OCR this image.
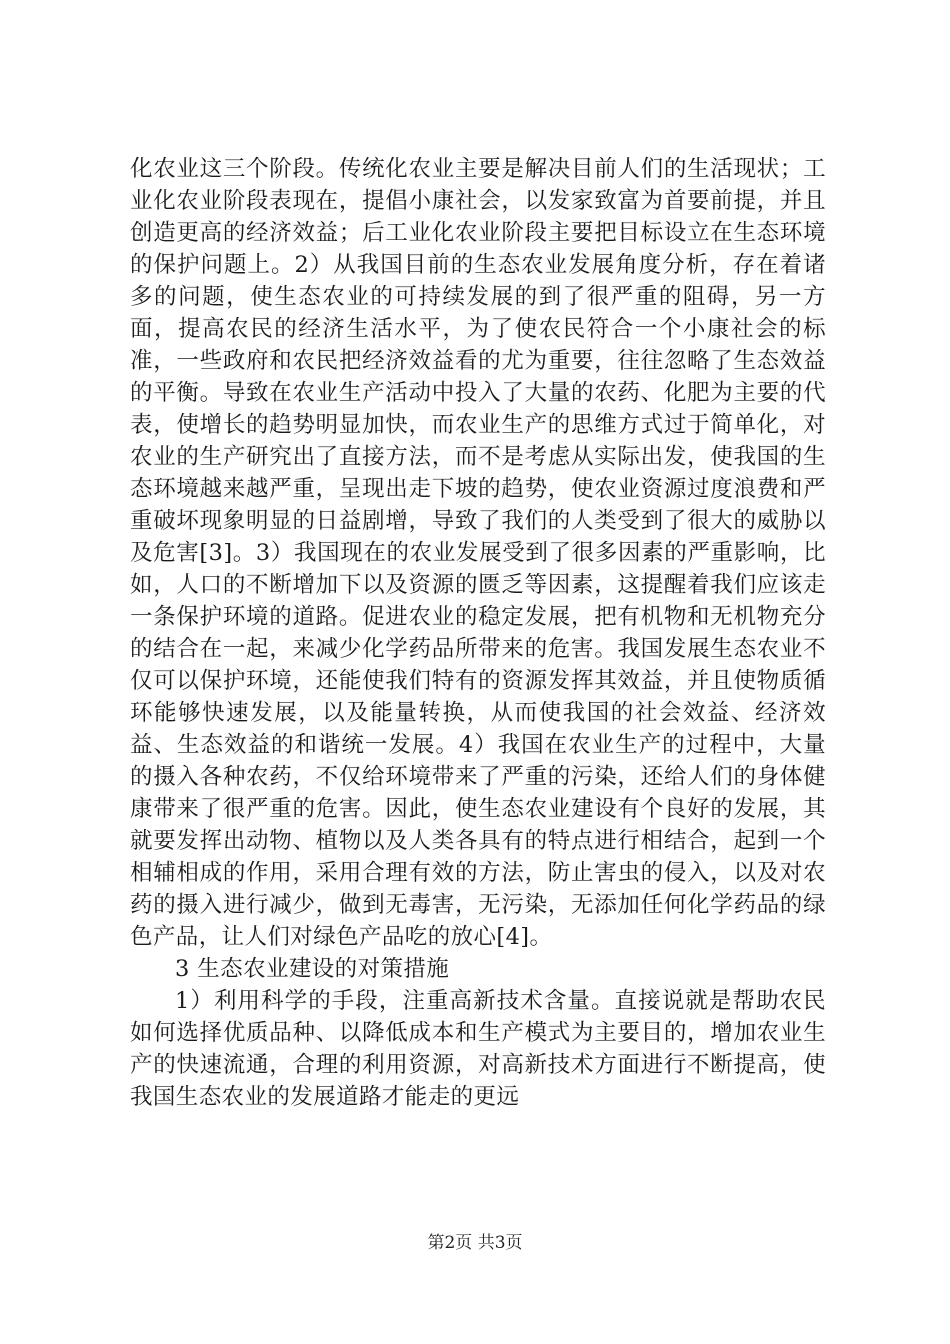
化农业这三个阶段。传统化农业主要是解决目前人们的生活现状；工业化农业阶段表现在，提倡小康社会，以发家致富为首要前提，并且创造更高的经济效益；后工业化农业阶段主要把目标设立在生态环境的保护问题上。2）从我国目前的生态农业发展角度分析，存在着诸多的问题，使生态农业的可持续发展的到了很严重的阻碍，另一方面，提高农民的经济生活水平，为了使农民符合一个小康社会的标准，一些政府和农民把经济效益看的尤为重要，往往忽略了生态效益的平衡。导致在农业生产活动中投入了大量的农药、化肥为主要的代表，使增长的趋势明显加快，而农业生产的思维方式过于简单化，对农业的生产研究出了直接方法，而不是考虑从实际出发，使我国的生态环境越来越严重，呈现出走下坡的趋势，使农业资源过度浪费和严重破坏现象明显的日益剧增，导致了我们的人类受到了很大的威胁以及危害[3]。3）我国现在的农业发展受到了很多因素的严重影响，比如，人口的不断增加下以及资源的匮乏等因素，这提醒着我们应该走一条保护环境的道路。促进农业的稳定发展，把有机物和无机物充分的结合在一起，来减少化学药品所带来的危害。我国发展生态农业不仅可以保护环境，还能使我们特有的资源发挥其效益，并且使物质循环能够快速发展，以及能量转换，从而使我国的社会效益、经济效益、生态效益的和谐统一发展。4）我国在农业生产的过程中，大量的摄入各种农药，不仅给环境带来了严重的污染，还给人们的身体健康带来了很严重的危害。因此，使生态农业建设有个良好的发展，其就要发挥出动物、植物以及人类各具有的特点进行相结合，起到一个相辅相成的作用，采用合理有效的方法，防止害虫的侵入，以及对农药的摄入进行减少，做到无毒害，无污染，无添加任何化学药品的绿色产品，让人们对绿色产品吃的放心[4]。

3 生态农业建设的对策措施

1）利用科学的手段，注重高新技术含量。直接说就是帮助农民如何选择优质品种、以降低成本和生产模式为主要目的，增加农业生产的快速流通，合理的利用资源，对高新技术方面进行不断提高，使我国生态农业的发展道路才能走的更远

第2页 共3页
